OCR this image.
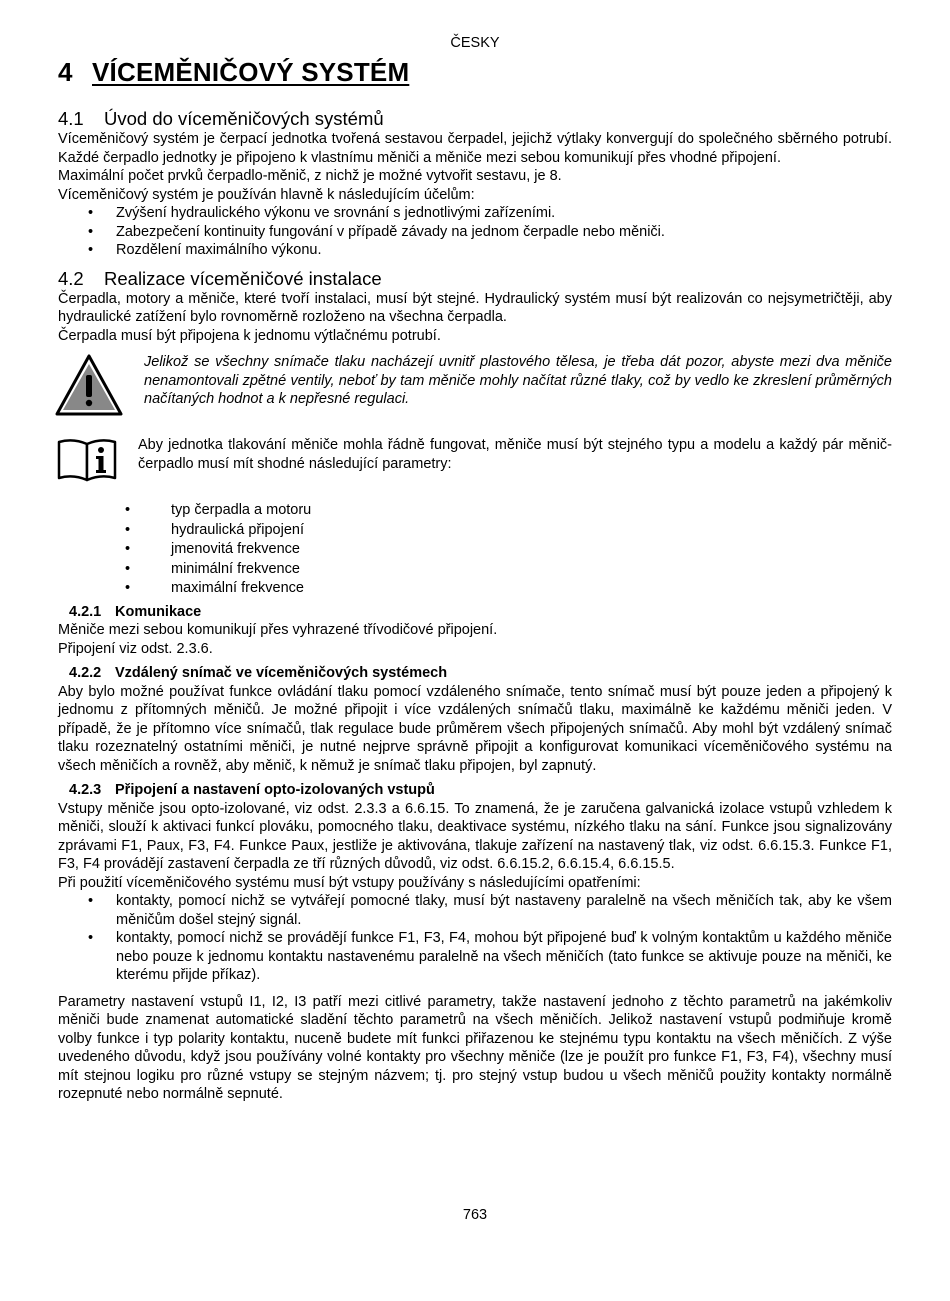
ČESKY
4 VÍCEMĚNIČOVÝ SYSTÉM
4.1 Úvod do víceměničových systémů

Víceměničový systém je čerpací jednotka tvořená sestavou čerpadel, jejichž výtlaky konvergují do společného sběrného potrubí. Každé čerpadlo jednotky je připojeno k vlastnímu měniči a měniče mezi sebou komunikují přes vhodné připojení.

Maximální počet prvků čerpadlo-měnič, z nichž je možné vytvořit sestavu, je 8.

Víceměničový systém je používán hlavně k následujícím účelům:

• Zvýšení hydraulického výkonu ve srovnání s jednotlivými zařízeními.
• Zabezpečení kontinuity fungování v případě závady na jednom čerpadle nebo měniči.
• Rozdělení maximálního výkonu.
4.2 Realizace víceměničové instalace

Čerpadla, motory a měniče, které tvoří instalaci, musí být stejné. Hydraulický systém musí být realizován co nejsymetričtěji, aby hydraulické zatížení bylo rovnoměrně rozloženo na všechna čerpadla.

Čerpadla musí být připojena k jednomu výtlačnému potrubí.

Jelikož se všechny snímače tlaku nacházejí uvnitř plastového tělesa, je třeba dát pozor, abyste mezi dva měniče nenamontovali zpětné ventily, neboť by tam měniče mohly načítat různé tlaky, což by vedlo ke zkreslení průměrných načítaných hodnot a k nepřesné regulaci.

Aby jednotka tlakování měniče mohla řádně fungovat, měniče musí být stejného typu a modelu a každý pár měnič-čerpadlo musí mít shodné následující parametry:

• typ čerpadla a motoru
• hydraulická připojení
• jmenovitá frekvence
• minimální frekvence
• maximální frekvence
4.2.1 Komunikace

Měniče mezi sebou komunikují přes vyhrazené třívodičové připojení.

Připojení viz odst. 2.3.6.

4.2.2 Vzdálený snímač ve víceměničových systémech

Aby bylo možné používat funkce ovládání tlaku pomocí vzdáleného snímače, tento snímač musí být pouze jeden a připojený k jednomu z přítomných měničů. Je možné připojit i více vzdálených snímačů tlaku, maximálně ke každému měniči jeden. V případě, že je přítomno více snímačů, tlak regulace bude průměrem všech připojených snímačů. Aby mohl být vzdálený snímač tlaku rozeznatelný ostatními měniči, je nutné nejprve správně připojit a konfigurovat komunikaci víceměničového systému na všech měničích a rovněž, aby měnič, k němuž je snímač tlaku připojen, byl zapnutý.

4.2.3 Připojení a nastavení opto-izolovaných vstupů

Vstupy měniče jsou opto-izolované, viz odst. 2.3.3 a 6.6.15. To znamená, že je zaručena galvanická izolace vstupů vzhledem k měniči, slouží k aktivaci funkcí plováku, pomocného tlaku, deaktivace systému, nízkého tlaku na sání. Funkce jsou signalizovány zprávami F1, Paux, F3, F4. Funkce Paux, jestliže je aktivována, tlakuje zařízení na nastavený tlak, viz odst. 6.6.15.3. Funkce F1, F3, F4 provádějí zastavení čerpadla ze tří různých důvodů, viz odst. 6.6.15.2, 6.6.15.4, 6.6.15.5.

Při použití víceměničového systému musí být vstupy používány s následujícími opatřeními:

• kontakty, pomocí nichž se vytvářejí pomocné tlaky, musí být nastaveny paralelně na všech měničích tak, aby ke všem měničům došel stejný signál.
• kontakty, pomocí nichž se provádějí funkce F1, F3, F4, mohou být připojené buď k volným kontaktům u každého měniče nebo pouze k jednomu kontaktu nastavenému paralelně na všech měničích (tato funkce se aktivuje pouze na měniči, ke kterému přijde příkaz).

Parametry nastavení vstupů I1, I2, I3 patří mezi citlivé parametry, takže nastavení jednoho z těchto parametrů na jakémkoliv měniči bude znamenat automatické sladění těchto parametrů na všech měničích. Jelikož nastavení vstupů podmiňuje kromě volby funkce i typ polarity kontaktu, nuceně budete mít funkci přiřazenou ke stejnému typu kontaktu na všech měničích. Z výše uvedeného důvodu, když jsou používány volné kontakty pro všechny měniče (lze je použít pro funkce F1, F3, F4), všechny musí mít stejnou logiku pro různé vstupy se stejným názvem; tj. pro stejný vstup budou u všech měničů použity kontakty normálně rozepnuté nebo normálně sepnuté.

763
